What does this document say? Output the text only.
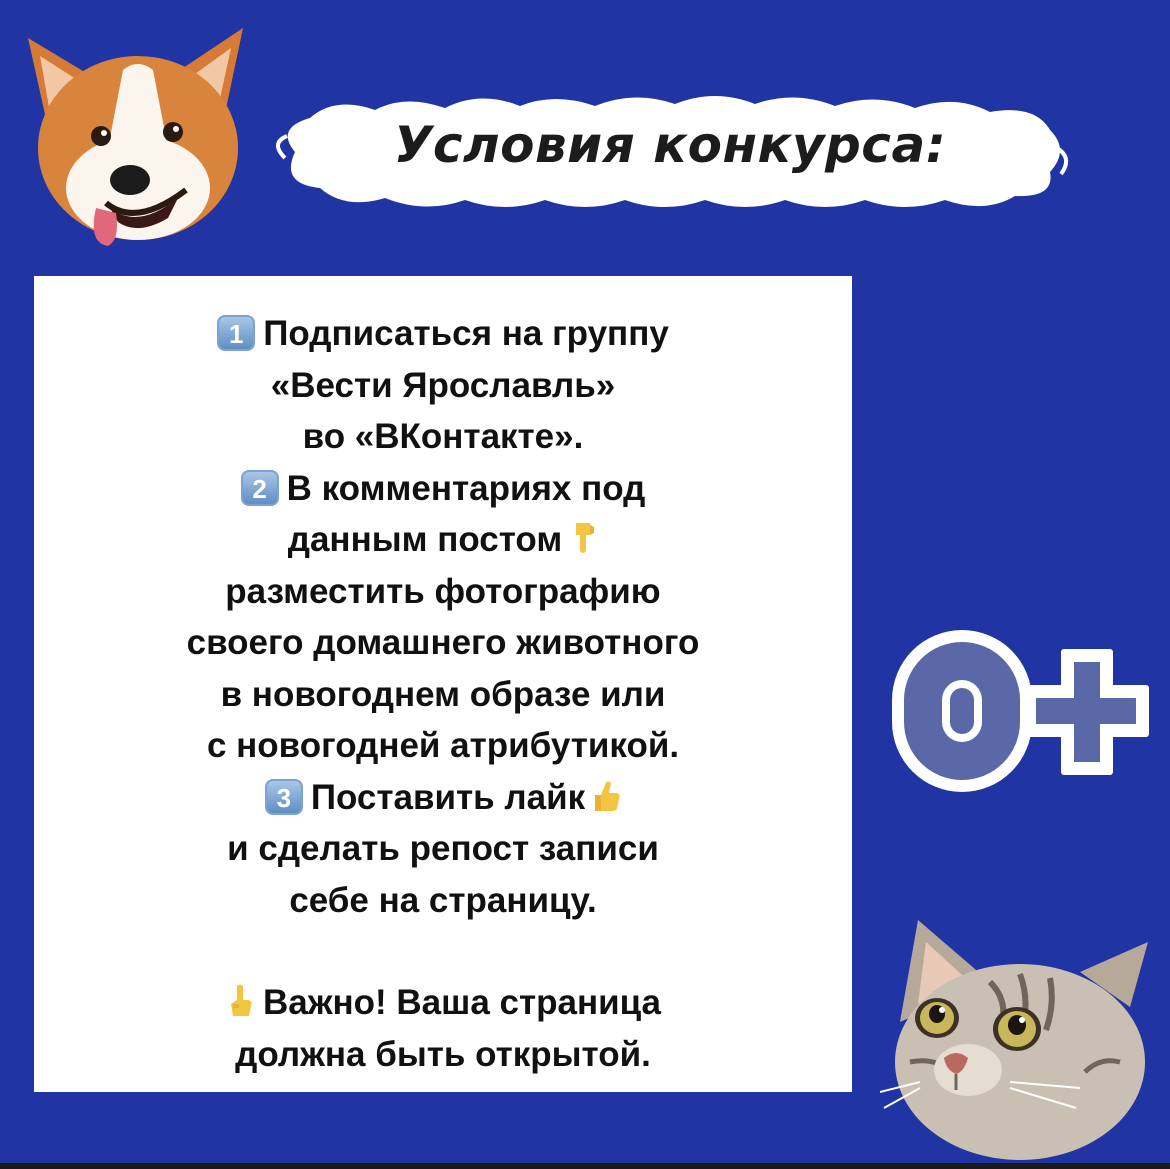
Условия конкурса:
1 Подписаться на группу
«Вести Ярославль»
во «ВКонтакте».
2 В комментариях под
данным постом
разместить фотографию
своего домашнего животного
в новогоднем образе или
с новогодней атрибутикой.
3 Поставить лайк
и сделать репост записи
себе на страницу.
Важно! Ваша страница
должна быть открытой.
